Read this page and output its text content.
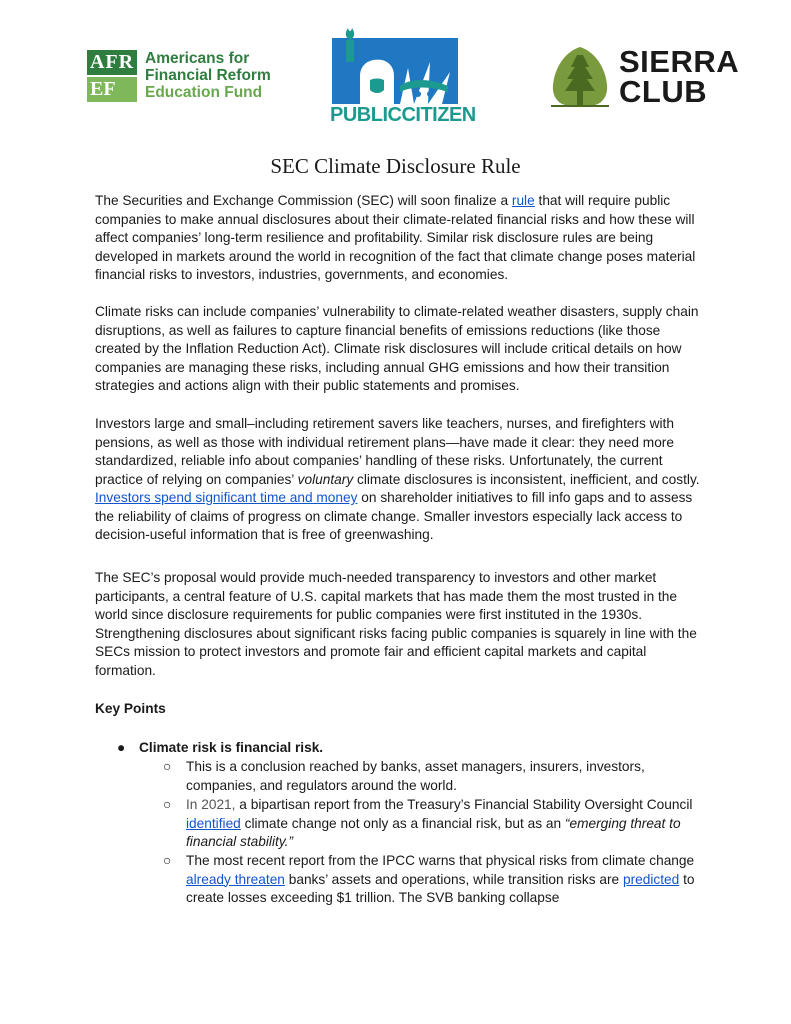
AFR
EF
Americans for
Financial Reform
Education Fund
PUBLICCITIZEN
SIERRA
CLUB
SEC Climate Disclosure Rule
The Securities and Exchange Commission (SEC) will soon finalize a rule that will require public companies to make annual disclosures about their climate-related financial risks and how these will affect companies’ long-term resilience and profitability. Similar risk disclosure rules are being developed in markets around the world in recognition of the fact that climate change poses material financial risks to investors, industries, governments, and economies.
Climate risks can include companies’ vulnerability to climate-related weather disasters, supply chain disruptions, as well as failures to capture financial benefits of emissions reductions (like those created by the Inflation Reduction Act). Climate risk disclosures will include critical details on how companies are managing these risks, including annual GHG emissions and how their transition strategies and actions align with their public statements and promises.
Investors large and small–including retirement savers like teachers, nurses, and firefighters with pensions, as well as those with individual retirement plans—have made it clear: they need more standardized, reliable info about companies’ handling of these risks. Unfortunately, the current practice of relying on companies’ voluntary climate disclosures is inconsistent, inefficient, and costly. Investors spend significant time and money on shareholder initiatives to fill info gaps and to assess the reliability of claims of progress on climate change. Smaller investors especially lack access to decision-useful information that is free of greenwashing.
The SEC’s proposal would provide much-needed transparency to investors and other market participants, a central feature of U.S. capital markets that has made them the most trusted in the world since disclosure requirements for public companies were first instituted in the 1930s. Strengthening disclosures about significant risks facing public companies is squarely in line with the SECs mission to protect investors and promote fair and efficient capital markets and capital formation.
Key Points
● Climate risk is financial risk.
○ This is a conclusion reached by banks, asset managers, insurers, investors, companies, and regulators around the world.
○ In 2021, a bipartisan report from the Treasury’s Financial Stability Oversight Council identified climate change not only as a financial risk, but as an “emerging threat to financial stability.”
○ The most recent report from the IPCC warns that physical risks from climate change already threaten banks’ assets and operations, while transition risks are predicted to create losses exceeding $1 trillion. The SVB banking collapse
